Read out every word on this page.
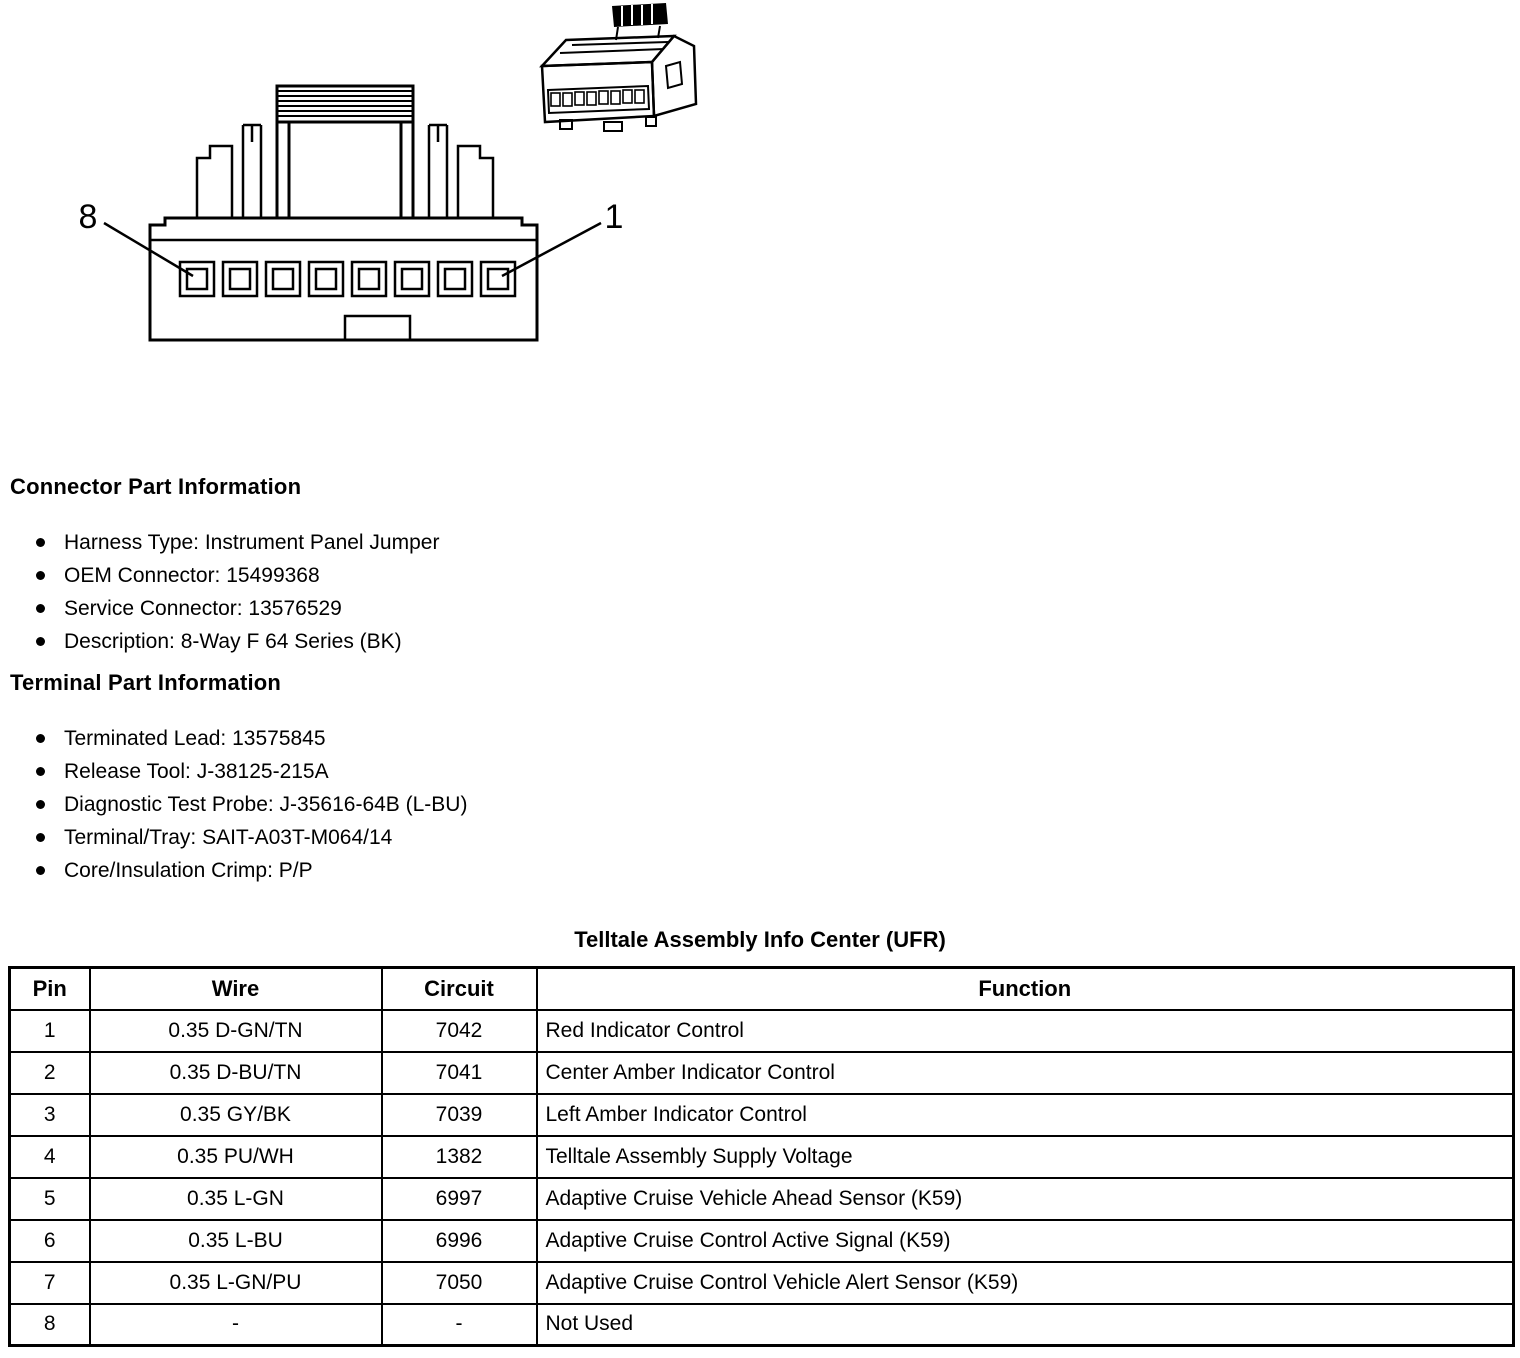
8	1
Connector Part Information
Harness Type: Instrument Panel Jumper
OEM Connector: 15499368
Service Connector: 13576529
Description: 8-Way F 64 Series (BK)
Terminal Part Information
Terminated Lead: 13575845
Release Tool: J-38125-215A
Diagnostic Test Probe: J-35616-64B (L-BU)
Terminal/Tray: SAIT-A03T-M064/14
Core/Insulation Crimp: P/P
Telltale Assembly Info Center (UFR)
Pin	Wire	Circuit	Function
1	0.35 D-GN/TN	7042	Red Indicator Control
2	0.35 D-BU/TN	7041	Center Amber Indicator Control
3	0.35 GY/BK	7039	Left Amber Indicator Control
4	0.35 PU/WH	1382	Telltale Assembly Supply Voltage
5	0.35 L-GN	6997	Adaptive Cruise Vehicle Ahead Sensor (K59)
6	0.35 L-BU	6996	Adaptive Cruise Control Active Signal (K59)
7	0.35 L-GN/PU	7050	Adaptive Cruise Control Vehicle Alert Sensor (K59)
8	-	-	Not Used
